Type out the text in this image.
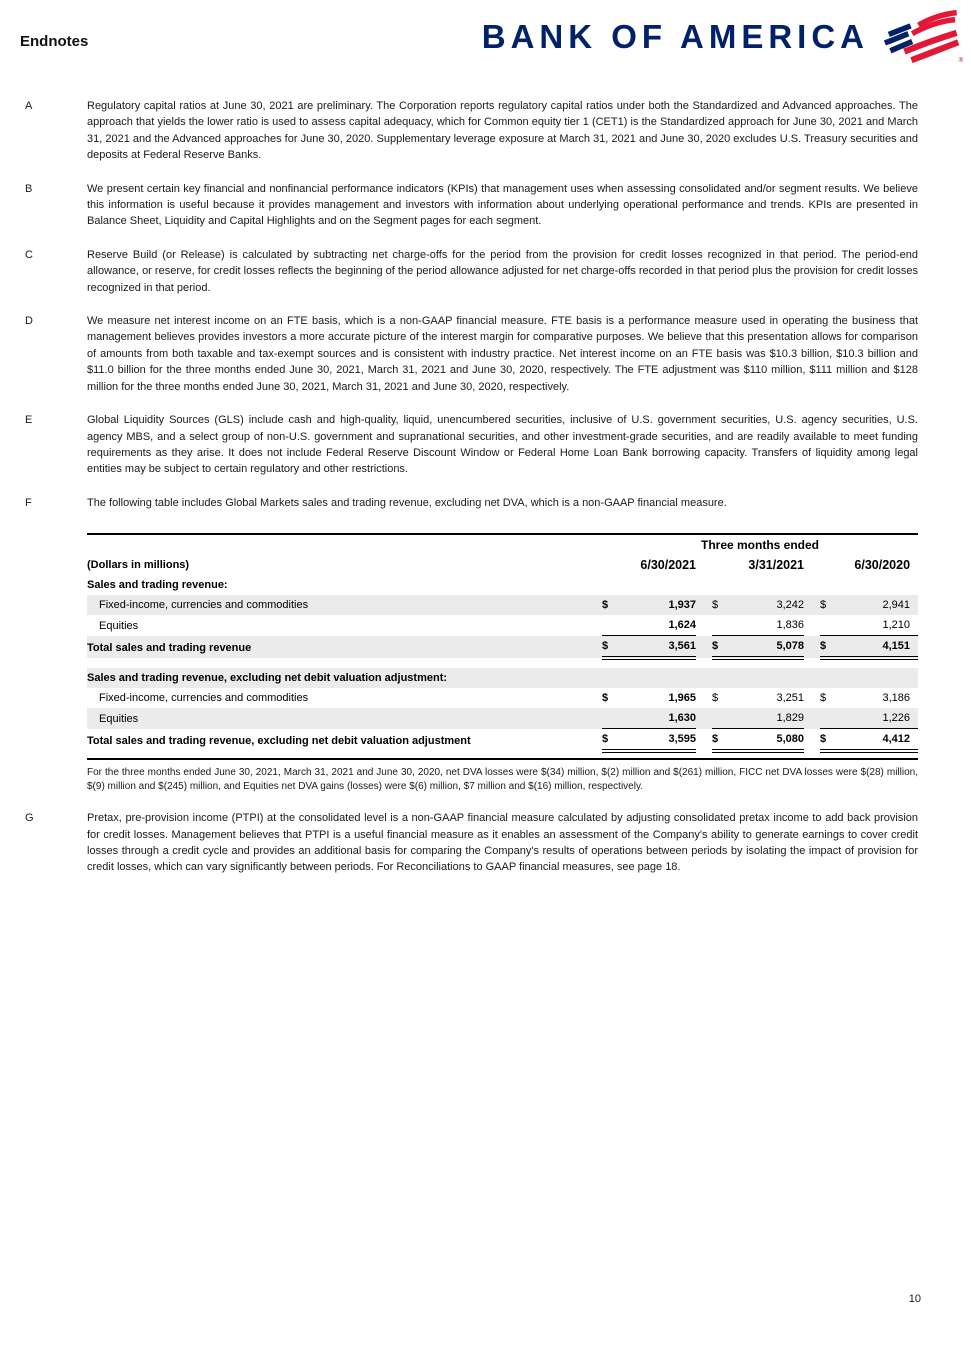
Endnotes	BANK OF AMERICA
®
A	Regulatory capital ratios at June 30, 2021 are preliminary. The Corporation reports regulatory capital ratios under both the Standardized and Advanced approaches. The approach that yields the lower ratio is used to assess capital adequacy, which for Common equity tier 1 (CET1) is the Standardized approach for June 30, 2021 and March 31, 2021 and the Advanced approaches for June 30, 2020. Supplementary leverage exposure at March 31, 2021 and June 30, 2020 excludes U.S. Treasury securities and deposits at Federal Reserve Banks.
B	We present certain key financial and nonfinancial performance indicators (KPIs) that management uses when assessing consolidated and/or segment results. We believe this information is useful because it provides management and investors with information about underlying operational performance and trends. KPIs are presented in Balance Sheet, Liquidity and Capital Highlights and on the Segment pages for each segment.
C	Reserve Build (or Release) is calculated by subtracting net charge-offs for the period from the provision for credit losses recognized in that period. The period-end allowance, or reserve, for credit losses reflects the beginning of the period allowance adjusted for net charge-offs recorded in that period plus the provision for credit losses recognized in that period.
D	We measure net interest income on an FTE basis, which is a non-GAAP financial measure. FTE basis is a performance measure used in operating the business that management believes provides investors a more accurate picture of the interest margin for comparative purposes. We believe that this presentation allows for comparison of amounts from both taxable and tax-exempt sources and is consistent with industry practice. Net interest income on an FTE basis was $10.3 billion, $10.3 billion and $11.0 billion for the three months ended June 30, 2021, March 31, 2021 and June 30, 2020, respectively. The FTE adjustment was $110 million, $111 million and $128 million for the three months ended June 30, 2021, March 31, 2021 and June 30, 2020, respectively.
E	Global Liquidity Sources (GLS) include cash and high-quality, liquid, unencumbered securities, inclusive of U.S. government securities, U.S. agency securities, U.S. agency MBS, and a select group of non-U.S. government and supranational securities, and other investment-grade securities, and are readily available to meet funding requirements as they arise. It does not include Federal Reserve Discount Window or Federal Home Loan Bank borrowing capacity. Transfers of liquidity among legal entities may be subject to certain regulatory and other restrictions.
F	The following table includes Global Markets sales and trading revenue, excluding net DVA, which is a non-GAAP financial measure.
	Three months ended							
(Dollars in millions)	6/30/2021			3/31/2021			6/30/2020	
Sales and trading revenue:								
Fixed-income, currencies and commodities	$	1,937		$	3,242		$	2,941
Equities		1,624			1,836			1,210
Total sales and trading revenue	$	3,561		$	5,078		$	4,151

Sales and trading revenue, excluding net debit valuation adjustment:								
Fixed-income, currencies and commodities	$	1,965		$	3,251		$	3,186
Equities		1,630			1,829			1,226
Total sales and trading revenue, excluding net debit valuation adjustment	$	3,595		$	5,080		$	4,412

For the three months ended June 30, 2021, March 31, 2021 and June 30, 2020, net DVA losses were $(34) million, $(2) million and $(261) million, FICC net DVA losses were $(28) million, $(9) million and $(245) million, and Equities net DVA gains (losses) were $(6) million, $7 million and $(16) million, respectively.
G	Pretax, pre-provision income (PTPI) at the consolidated level is a non-GAAP financial measure calculated by adjusting consolidated pretax income to add back provision for credit losses. Management believes that PTPI is a useful financial measure as it enables an assessment of the Company's ability to generate earnings to cover credit losses through a credit cycle and provides an additional basis for comparing the Company's results of operations between periods by isolating the impact of provision for credit losses, which can vary significantly between periods. For Reconciliations to GAAP financial measures, see page 18.
10
